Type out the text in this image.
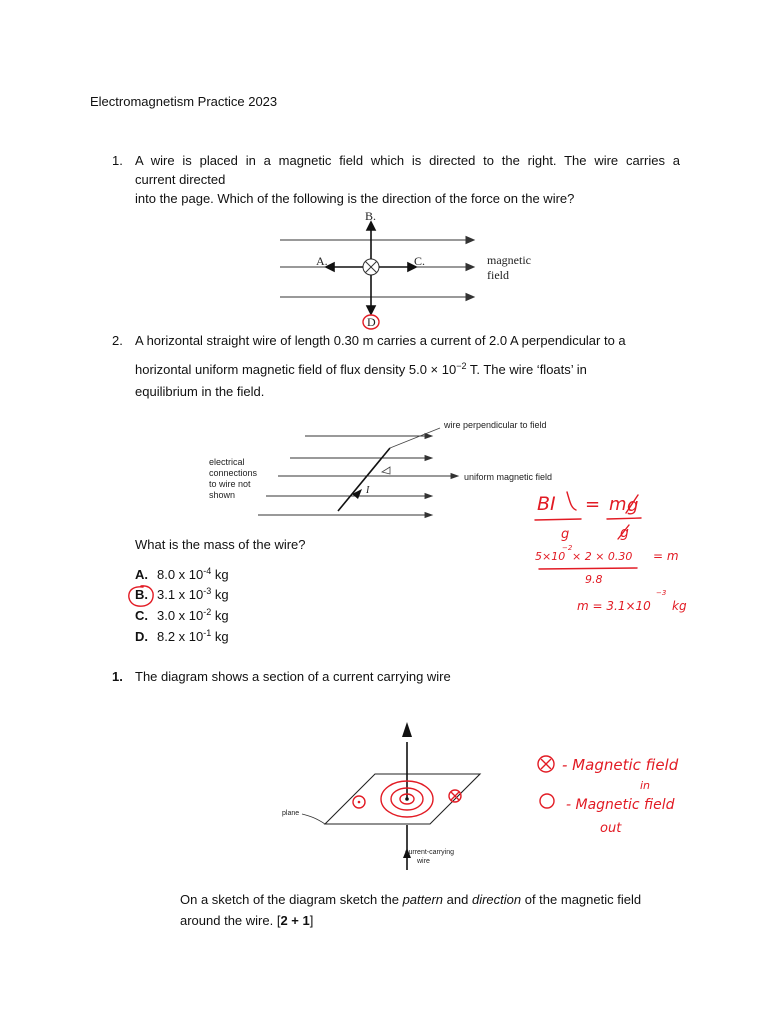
Electromagnetism Practice 2023
1. A wire is placed in a magnetic field which is directed to the right. The wire carries a
current directed
into the page. Which of the following is the direction of the force on the wire?
B.
A.	C.
D
magnetic
field
2. A horizontal straight wire of length 0.30 m carries a current of 2.0 A perpendicular to a
horizontal uniform magnetic field of flux density $5.0 \times 10^{-2}$ T. The wire ‘floats’ in
equilibrium in the field.
I
wire perpendicular to field
uniform magnetic field
electrical
connections
to wire not
shown
What is the mass of the wire?
A. 8.0 x $10^{-4}$ kg
B. 3.1 x $10^{-3}$ kg
C. 3.0 x $10^{-2}$ kg
D. 8.2 x $10^{-1}$ kg
BI = m g
g	g
5×10
−2
× 2 × 0.30 = m
9.8
m = 3.1×10
−3
kg
1. The diagram shows a section of a current carrying wire
plane
current-carrying
wire
- Magnetic field
in
- Magnetic field
out
On a sketch of the diagram sketch the pattern and direction of the magnetic field
around the wire. [2 + 1]
